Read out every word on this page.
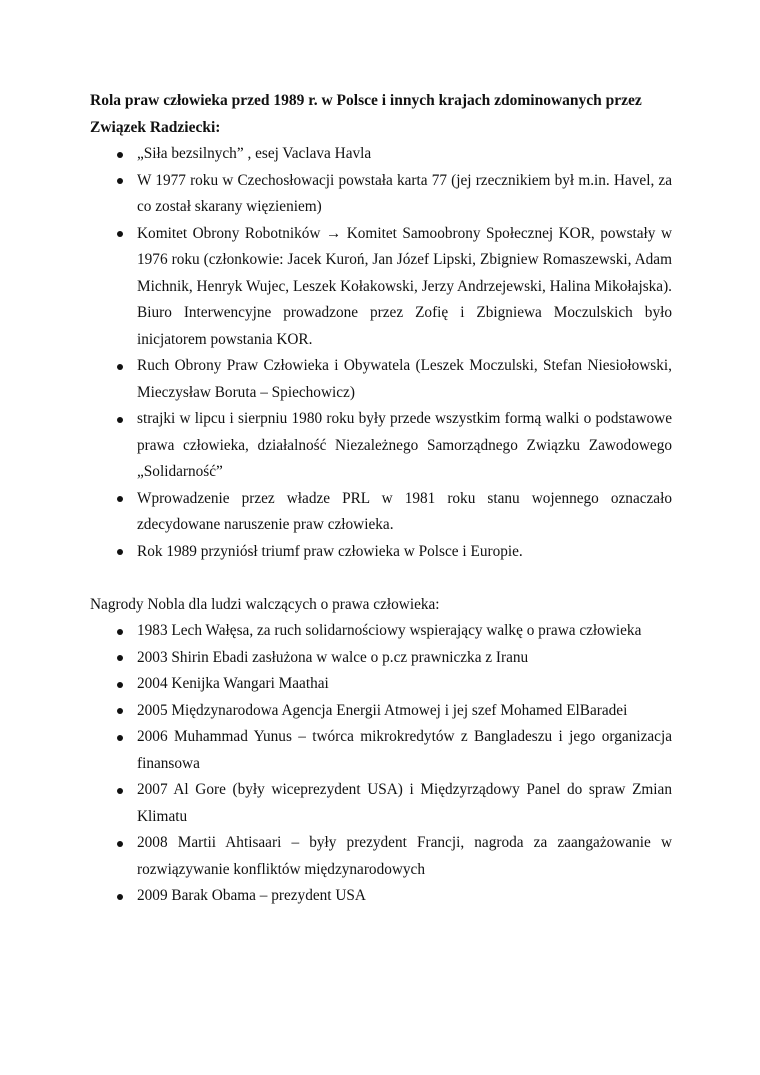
Rola praw człowieka przed 1989 r. w Polsce i innych krajach zdominowanych przez Związek Radziecki:

„Siła bezsilnych” , esej Vaclava Havla
W 1977 roku w Czechosłowacji powstała karta 77 (jej rzecznikiem był m.in. Havel, za co został skarany więzieniem)
Komitet Obrony Robotników → Komitet Samoobrony Społecznej KOR, powstały w 1976 roku (członkowie: Jacek Kuroń, Jan Józef Lipski, Zbigniew Romaszewski, Adam Michnik, Henryk Wujec, Leszek Kołakowski, Jerzy Andrzejewski, Halina Mikołajska). Biuro Interwencyjne prowadzone przez Zofię i Zbigniewa Moczulskich było inicjatorem powstania KOR.
Ruch Obrony Praw Człowieka i Obywatela (Leszek Moczulski, Stefan Niesiołowski, Mieczysław Boruta – Spiechowicz)
strajki w lipcu i sierpniu 1980 roku były przede wszystkim formą walki o podstawowe prawa człowieka, działalność Niezależnego Samorządnego Związku Zawodowego „Solidarność”
Wprowadzenie przez władze PRL w 1981 roku stanu wojennego oznaczało zdecydowane naruszenie praw człowieka.
Rok 1989 przyniósł triumf praw człowieka w Polsce i Europie.

Nagrody Nobla dla ludzi walczących o prawa człowieka:

1983 Lech Wałęsa, za ruch solidarnościowy wspierający walkę o prawa człowieka
2003 Shirin Ebadi zasłużona w walce o p.cz prawniczka z Iranu
2004 Kenijka Wangari Maathai
2005 Międzynarodowa Agencja Energii Atmowej i jej szef Mohamed ElBaradei
2006 Muhammad Yunus – twórca mikrokredytów z Bangladeszu i jego organizacja finansowa
2007 Al Gore (były wiceprezydent USA) i Międzyrządowy Panel do spraw Zmian Klimatu
2008 Martii Ahtisaari – były prezydent Francji, nagroda za zaangażowanie w rozwiązywanie konfliktów międzynarodowych
2009 Barak Obama – prezydent USA
